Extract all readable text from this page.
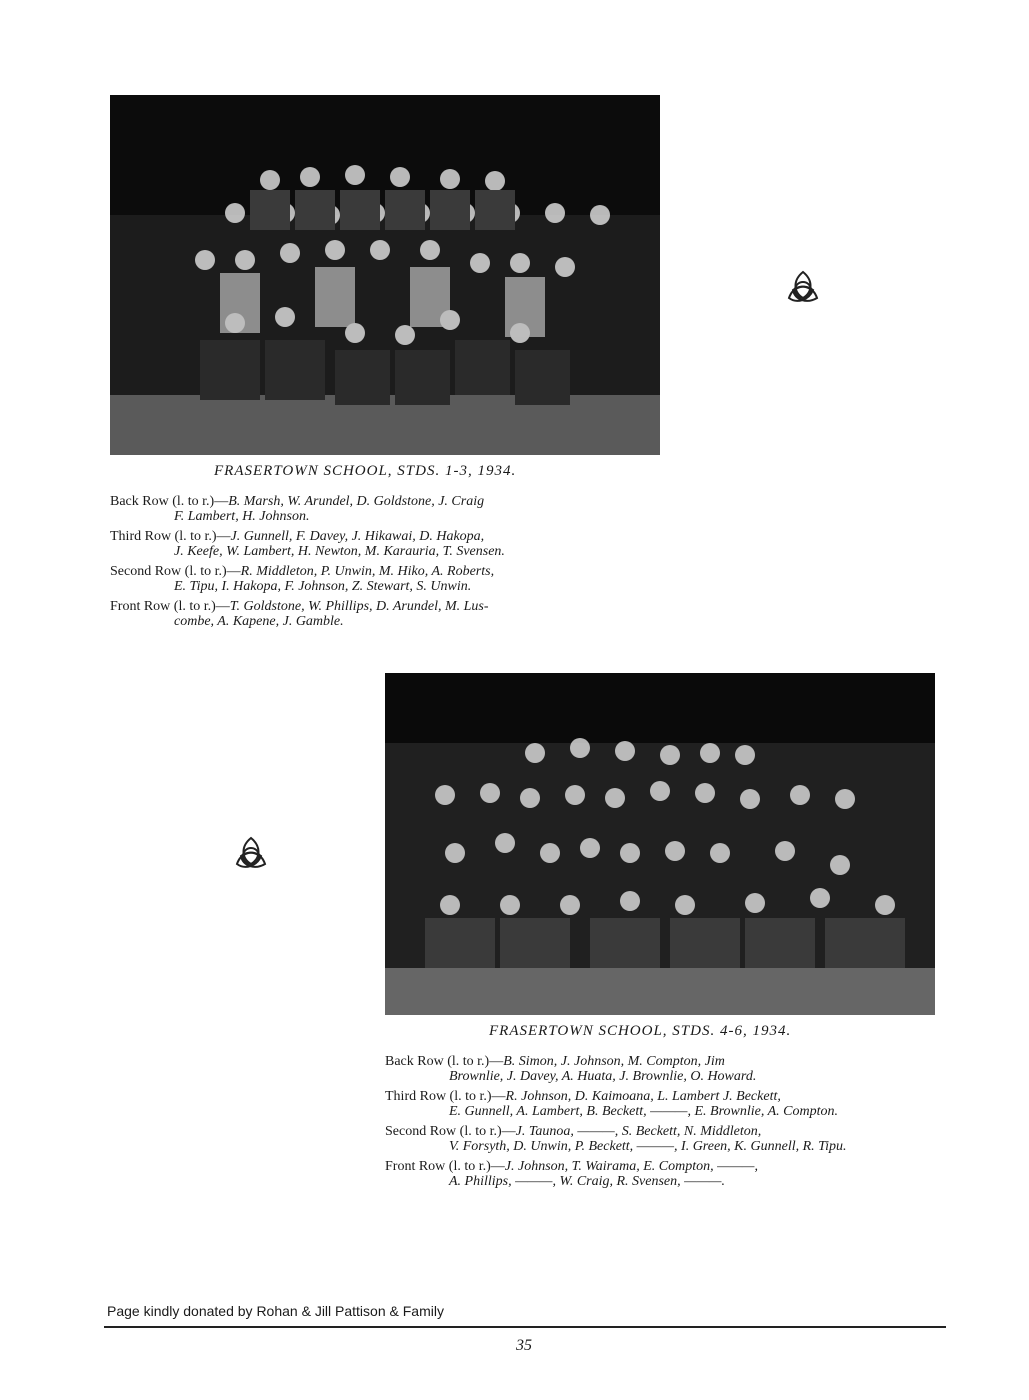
FRASERTOWN SCHOOL, STDS. 1-3, 1934.
Back Row (l. to r.)—B. Marsh, W. Arundel, D. Goldstone, J. Craig
F. Lambert, H. Johnson.
Third Row (l. to r.)—J. Gunnell, F. Davey, J. Hikawai, D. Hakopa,
J. Keefe, W. Lambert, H. Newton, M. Karauria, T. Svensen.
Second Row (l. to r.)—R. Middleton, P. Unwin, M. Hiko, A. Roberts,
E. Tipu, I. Hakopa, F. Johnson, Z. Stewart, S. Unwin.
Front Row (l. to r.)—T. Goldstone, W. Phillips, D. Arundel, M. Lus-
combe, A. Kapene, J. Gamble.
FRASERTOWN SCHOOL, STDS. 4-6, 1934.
Back Row (l. to r.)—B. Simon, J. Johnson, M. Compton, Jim
Brownlie, J. Davey, A. Huata, J. Brownlie, O. Howard.
Third Row (l. to r.)—R. Johnson, D. Kaimoana, L. Lambert J. Beckett,
E. Gunnell, A. Lambert, B. Beckett, ———, E. Brownlie, A. Compton.
Second Row (l. to r.)—J. Taunoa, ———, S. Beckett, N. Middleton,
V. Forsyth, D. Unwin, P. Beckett, ———, I. Green, K. Gunnell, R. Tipu.
Front Row (l. to r.)—J. Johnson, T. Wairama, E. Compton, ———,
A. Phillips, ———, W. Craig, R. Svensen, ———.
Page kindly donated by Rohan & Jill Pattison & Family
35
